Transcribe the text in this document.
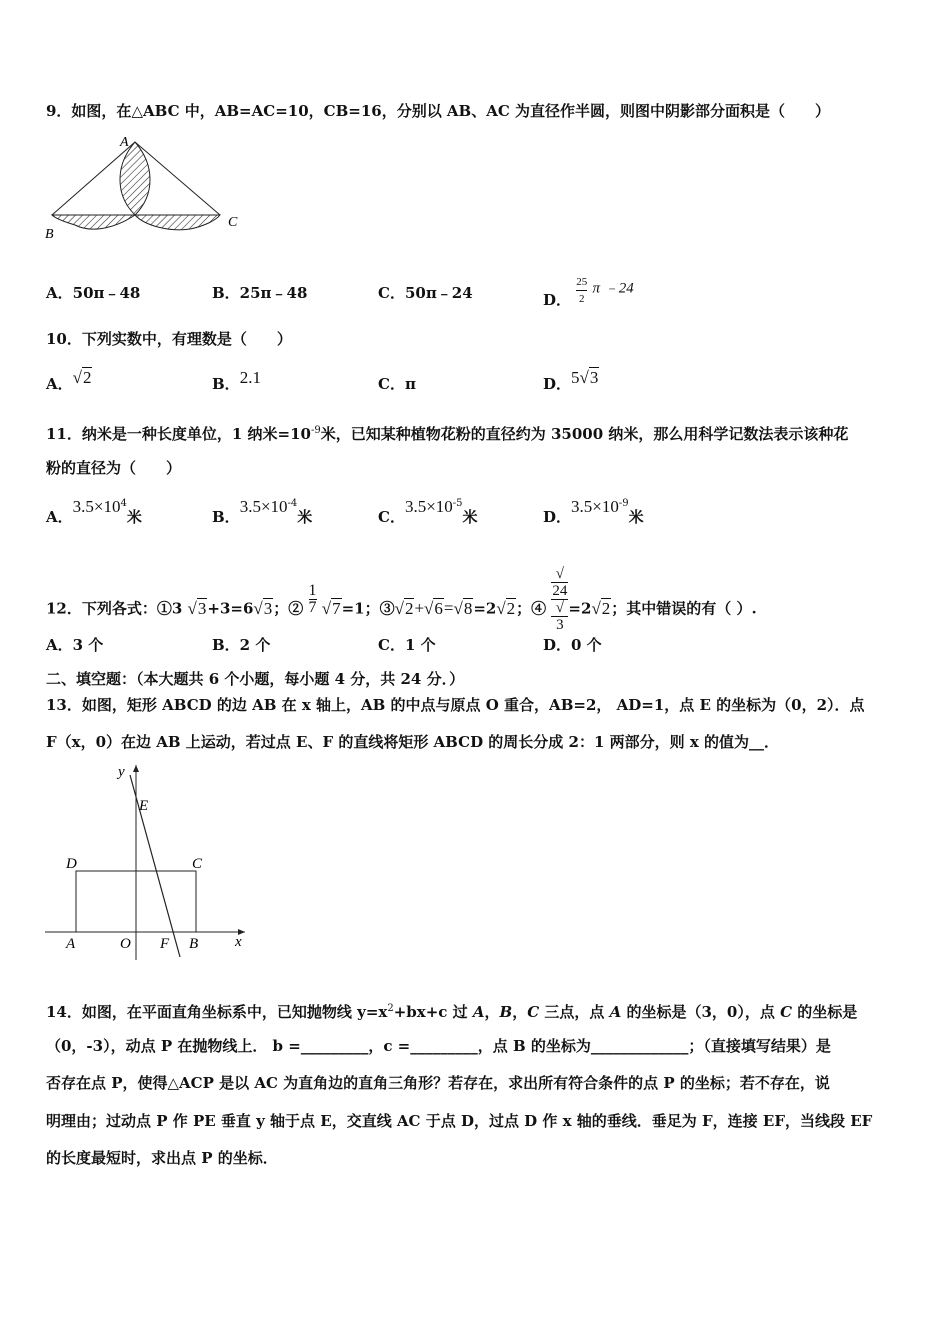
9．如图，在△ABC 中，AB=AC=10，CB=16，分别以 AB、AC 为直径作半圆，则图中阴影部分面积是（　　）
A
B
C
A．50π﹣48	B．25π﹣48	C．50π﹣24	D． $\frac{25}{2}$ π ﹣24
10．下列实数中，有理数是（　　）
A．√2	B．2.1	C．π	D．5√3
11．纳米是一种长度单位，1 纳米$=10^{-9}$米，已知某种植物花粉的直径约为 35000 纳米，那么用科学记数法表示该种花
粉的直径为（　　）
A．$3.5\times 10^4$米	B．$3.5\times 10^{-4}$米	C．$3.5\times 10^{-5}$米	D．$3.5\times 10^{-9}$米
12．下列各式：①3 √3+3=6√3；② $\frac{1}{7} √7=1$；③√2+√6=√8=2√2；④ √
24
√
3 =2√2；其中错误的有（ ）.
A．3 个	B．2 个	C．1 个	D．0 个
二、填空题：（本大题共 6 个小题，每小题 4 分，共 24 分．）
13．如图，矩形 ABCD 的边 AB 在 x 轴上，AB 的中点与原点 O 重合，AB=2， AD=1，点 E 的坐标为（0，2）．点
F（x，0）在边 AB 上运动，若过点 E、F 的直线将矩形 ABCD 的周长分成 2：1 两部分，则 x 的值为__．
y
x
E
D	C
A	O F B
14．如图，在平面直角坐标系中，已知抛物线 $y=x^2+bx+c$ 过 A，B，C 三点，点 A 的坐标是（3，0），点 C 的坐标是
（0，-3），动点 P 在抛物线上． b =_________，c =_________，点 B 的坐标为_____________；（直接填写结果）是
否存在点 P，使得△ACP 是以 AC 为直角边的直角三角形？若存在，求出所有符合条件的点 P 的坐标；若不存在，说
明理由；过动点 P 作 PE 垂直 y 轴于点 E，交直线 AC 于点 D，过点 D 作 x 轴的垂线．垂足为 F，连接 EF，当线段 EF
的长度最短时，求出点 P 的坐标．
